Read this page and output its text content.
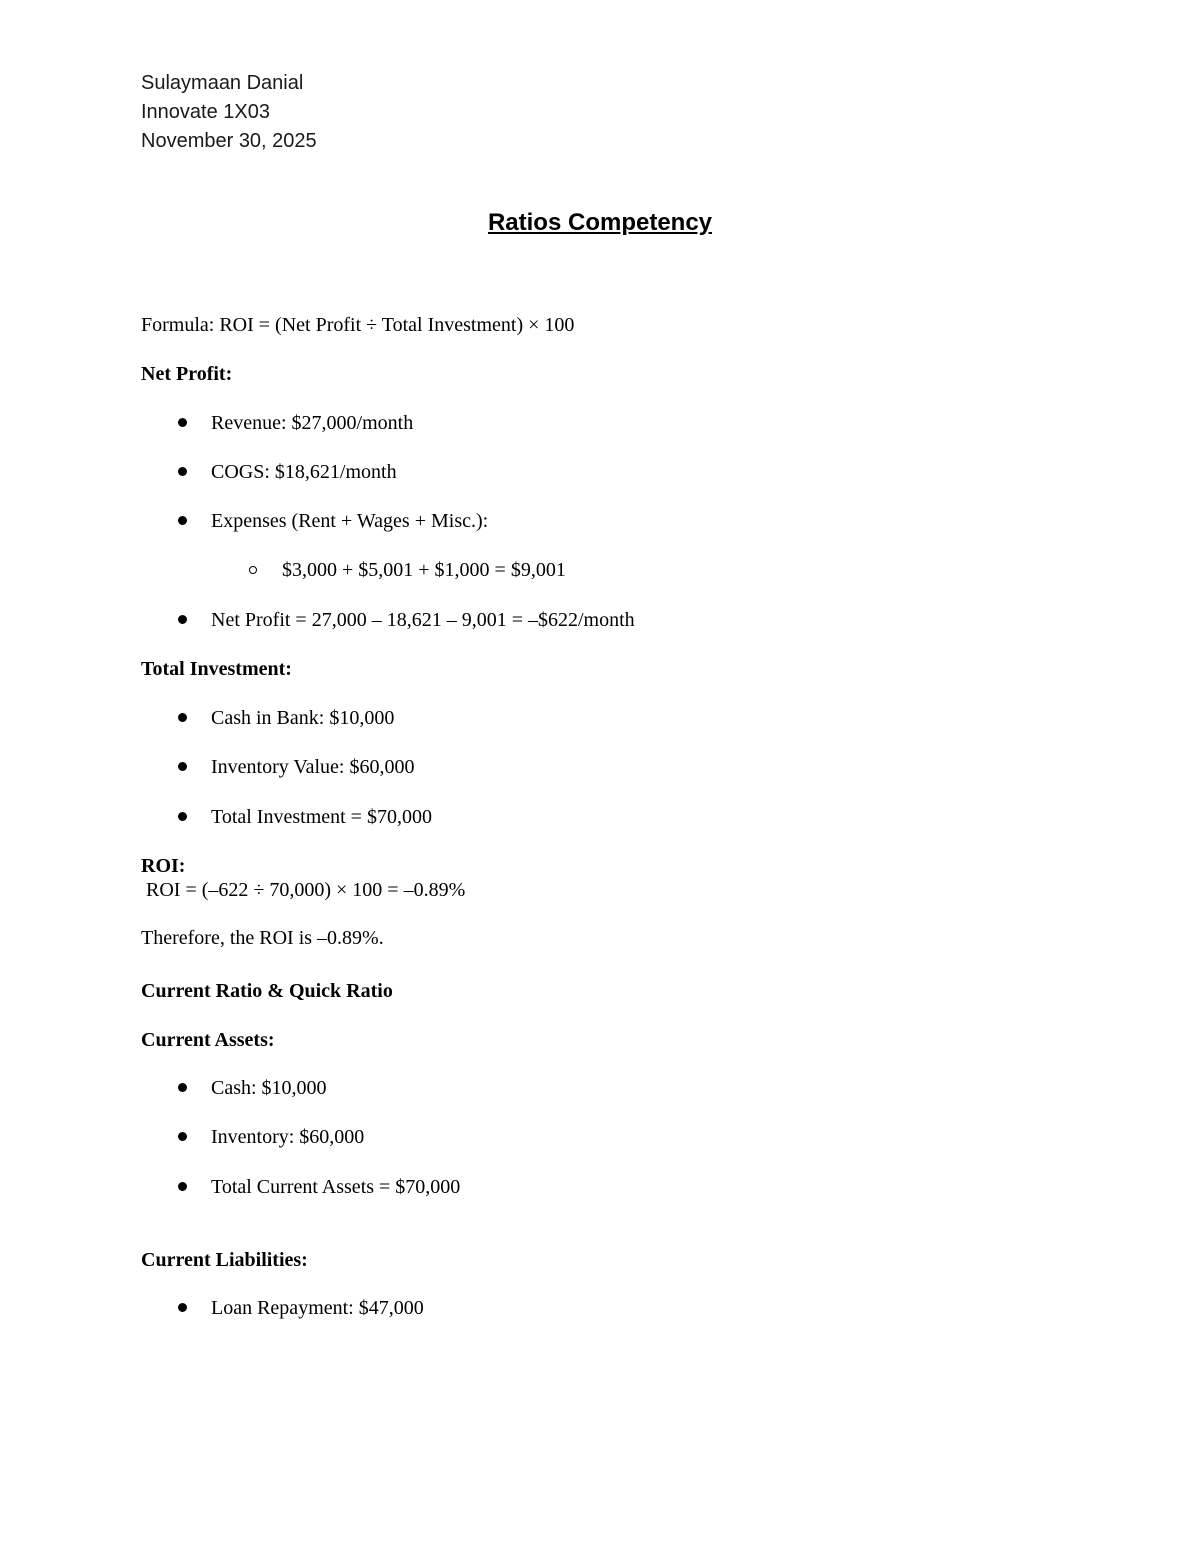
Sulaymaan Danial
Innovate 1X03
November 30, 2025
Ratios Competency
Formula: ROI = (Net Profit ÷ Total Investment) × 100
Net Profit:
Revenue: $27,000/month
COGS: $18,621/month
Expenses (Rent + Wages + Misc.):
$3,000 + $5,001 + $1,000 = $9,001
Net Profit = 27,000 – 18,621 – 9,001 = –$622/month
Total Investment:
Cash in Bank: $10,000
Inventory Value: $60,000
Total Investment = $70,000
ROI:
ROI = (–622 ÷ 70,000) × 100 = –0.89%
Therefore, the ROI is –0.89%.
Current Ratio & Quick Ratio
Current Assets:
Cash: $10,000
Inventory: $60,000
Total Current Assets = $70,000
Current Liabilities:
Loan Repayment: $47,000
